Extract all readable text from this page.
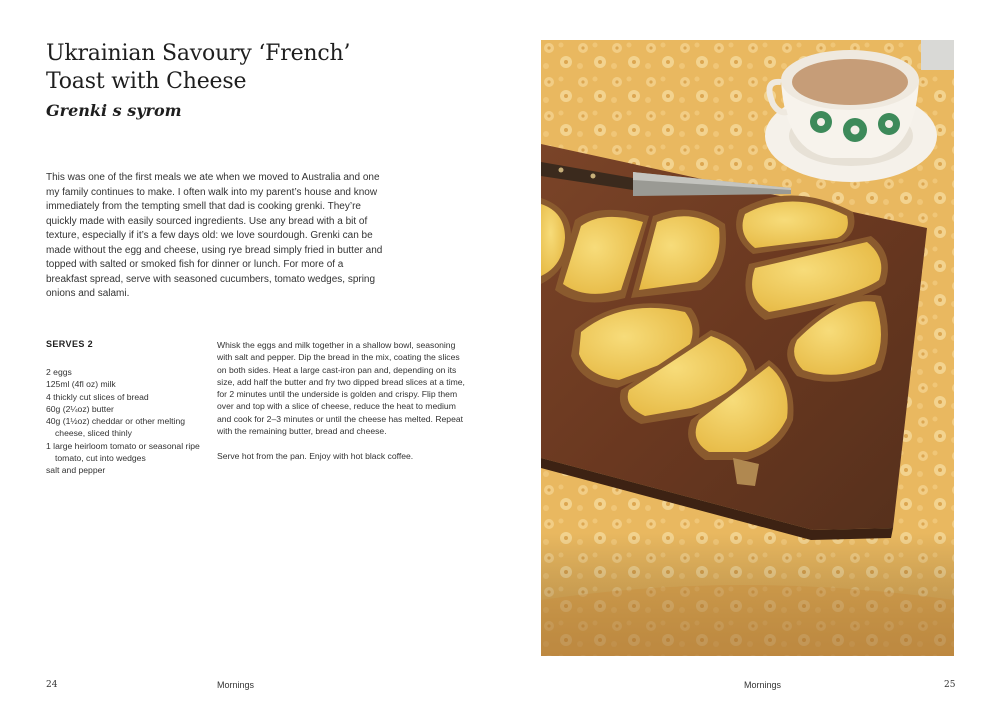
Ukrainian Savoury ‘French’
Toast with Cheese
Grenki s syrom

This was one of the first meals we ate when we moved to Australia and one my family continues to make. I often walk into my parent’s house and know immediately from the tempting smell that dad is cooking grenki. They’re quickly made with easily sourced ingredients. Use any bread with a bit of texture, especially if it’s a few days old: we love sourdough. Grenki can be made without the egg and cheese, using rye bread simply fried in butter and topped with salted or smoked fish for dinner or lunch. For more of a breakfast spread, serve with seasoned cucumbers, tomato wedges, spring onions and salami.

SERVES 2

2 eggs
125ml (4fl oz) milk
4 thickly cut slices of bread
60g (2¼oz) butter
40g (1½oz) cheddar or other melting cheese, sliced thinly
1 large heirloom tomato or seasonal ripe tomato, cut into wedges
salt and pepper

Whisk the eggs and milk together in a shallow bowl, seasoning with salt and pepper. Dip the bread in the mix, coating the slices on both sides. Heat a large cast-iron pan and, depending on its size, add half the butter and fry two dipped bread slices at a time, for 2 minutes until the underside is golden and crispy. Flip them over and top with a slice of cheese, reduce the heat to medium and cook for 2–3 minutes or until the cheese has melted. Repeat with the remaining butter, bread and cheese.

Serve hot from the pan. Enjoy with hot black coffee.

24	Mornings	Mornings	25
